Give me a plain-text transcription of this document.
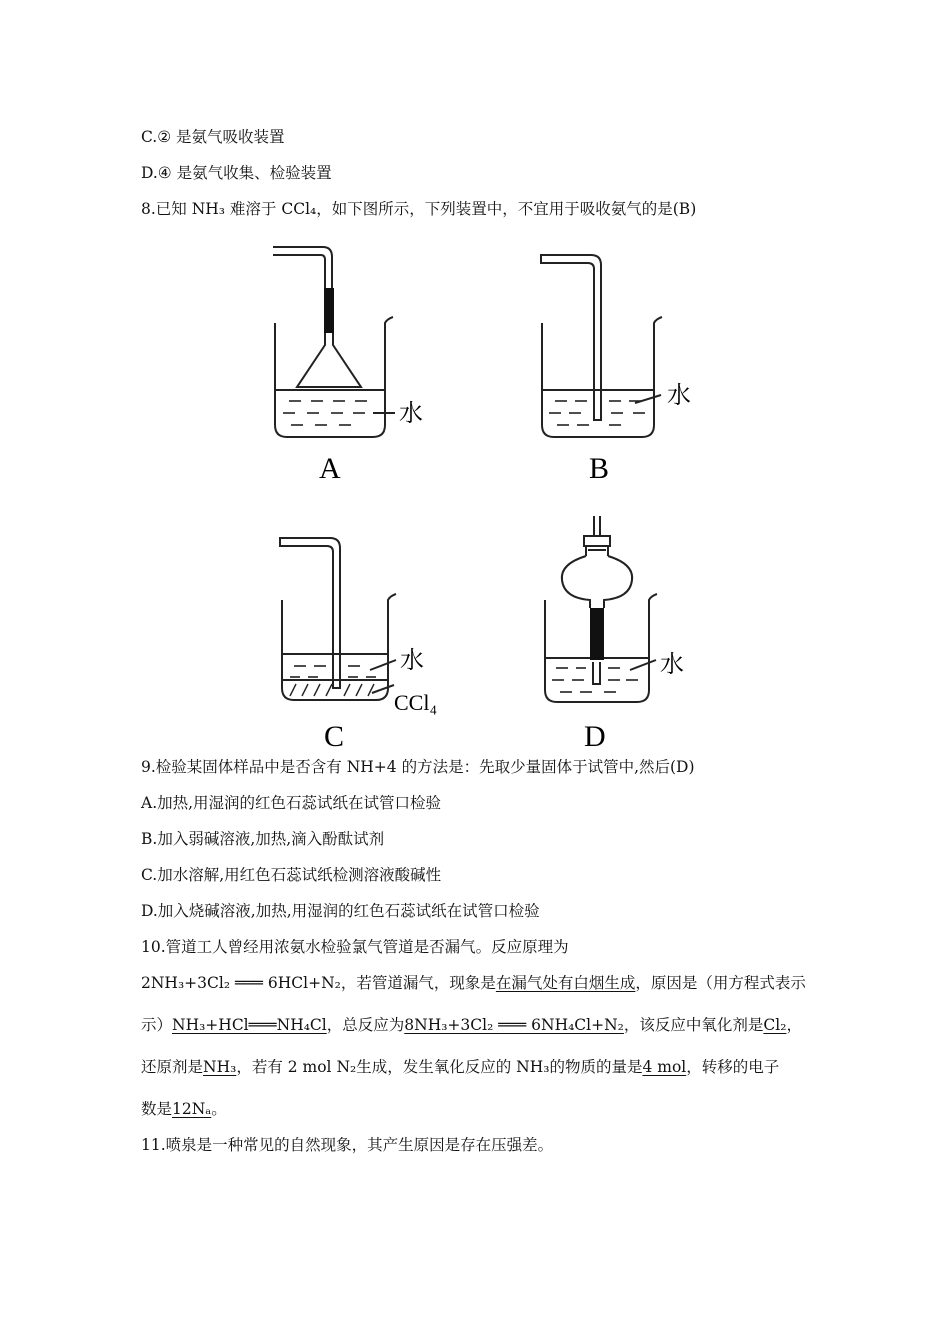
C.② 是氨气吸收装置
D.④ 是氨气收集、检验装置
8.已知 NH₃ 难溶于 CCl₄，如下图所示，下列装置中，不宜用于吸收氨气的是(B)
水
A
水
B
水
CCl₄
C
水
D
9.检验某固体样品中是否含有 NH+4 的方法是：先取少量固体于试管中,然后(D)
A.加热,用湿润的红色石蕊试纸在试管口检验
B.加入弱碱溶液,加热,滴入酚酞试剂
C.加水溶解,用红色石蕊试纸检测溶液酸碱性
D.加入烧碱溶液,加热,用湿润的红色石蕊试纸在试管口检验
10.管道工人曾经用浓氨水检验氯气管道是否漏气。反应原理为
2NH₃+3Cl₂ ═══ 6HCl+N₂，若管道漏气，现象是在漏气处有白烟生成，原因是（用方程式表示
示）NH₃+HCl═══NH₄Cl，总反应为8NH₃+3Cl₂ ═══ 6NH₄Cl+N₂，该反应中氧化剂是Cl₂，
还原剂是NH₃，若有 2 mol N₂生成，发生氧化反应的 NH₃的物质的量是4 mol，转移的电子
数是12Nₐ。
11.喷泉是一种常见的自然现象，其产生原因是存在压强差。
